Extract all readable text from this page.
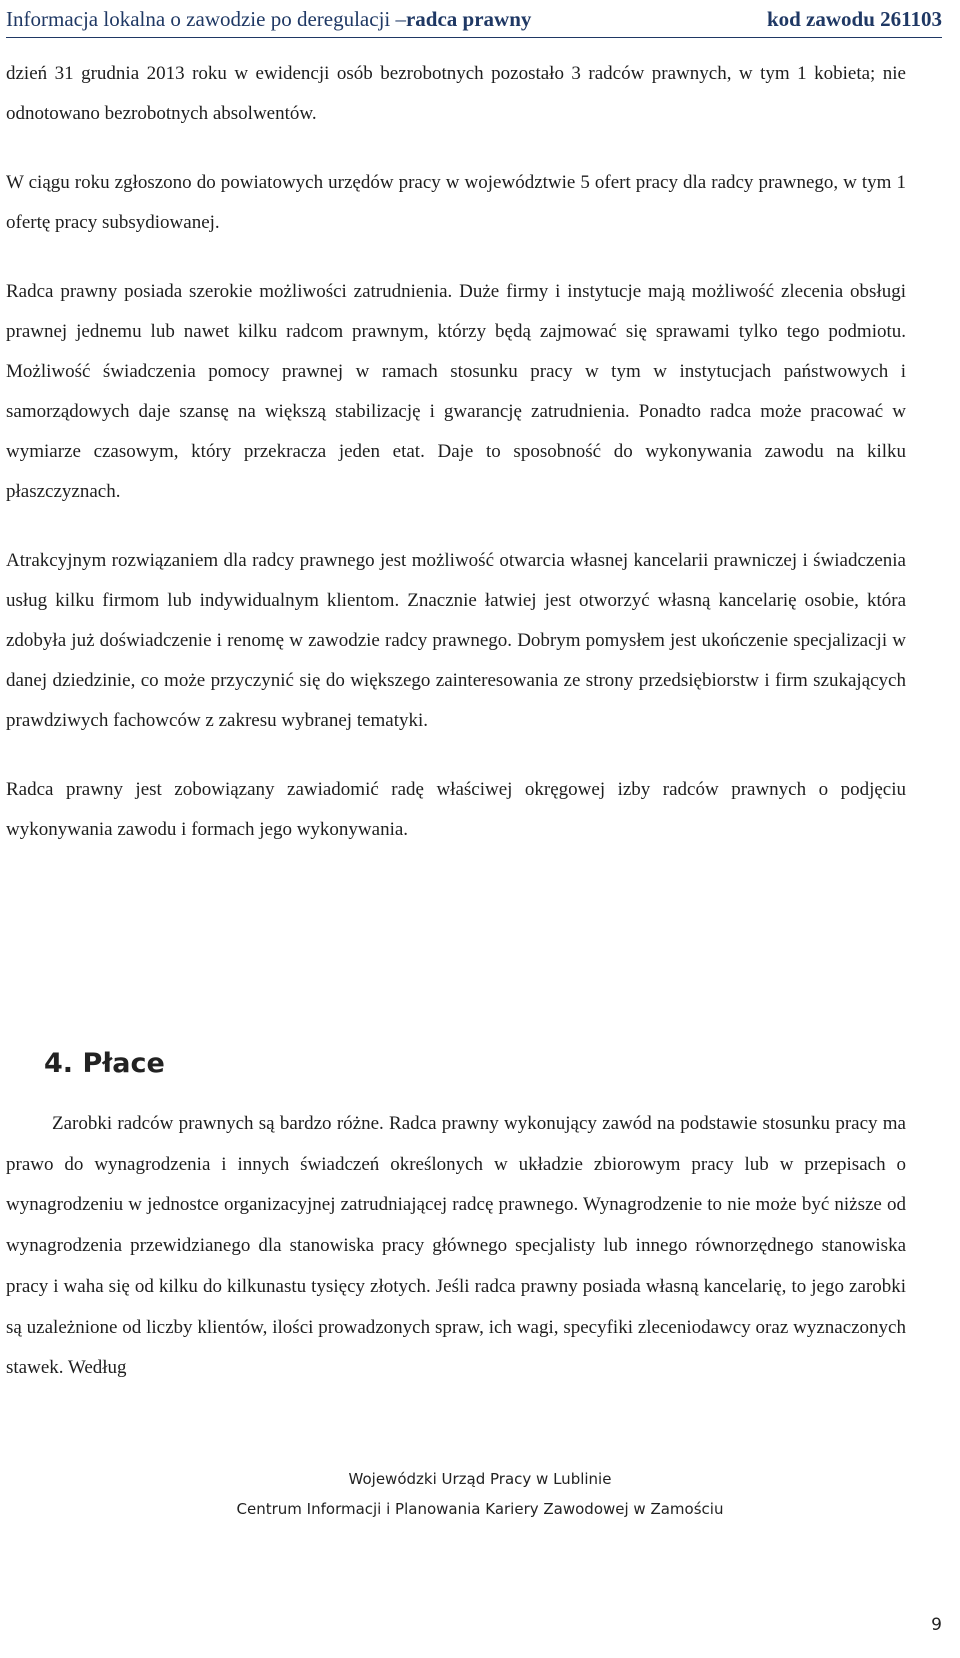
Informacja lokalna o zawodzie po deregulacji – radca prawny	kod zawodu 261103

dzień 31 grudnia 2013 roku w ewidencji osób bezrobotnych pozostało 3 radców prawnych, w tym 1 kobieta; nie odnotowano bezrobotnych absolwentów.

W ciągu roku zgłoszono do powiatowych urzędów pracy w województwie 5 ofert pracy dla radcy prawnego, w tym 1 ofertę pracy subsydiowanej.

Radca prawny posiada szerokie możliwości zatrudnienia. Duże firmy i instytucje mają możliwość zlecenia obsługi prawnej jednemu lub nawet kilku radcom prawnym, którzy będą zajmować się sprawami tylko tego podmiotu. Możliwość świadczenia pomocy prawnej w ramach stosunku pracy w tym w instytucjach państwowych i samorządowych daje szansę na większą stabilizację i gwarancję zatrudnienia. Ponadto radca może pracować w wymiarze czasowym, który przekracza jeden etat. Daje to sposobność do wykonywania zawodu na kilku płaszczyznach.

Atrakcyjnym rozwiązaniem dla radcy prawnego jest możliwość otwarcia własnej kancelarii prawniczej i świadczenia usług kilku firmom lub indywidualnym klientom. Znacznie łatwiej jest otworzyć własną kancelarię osobie, która zdobyła już doświadczenie i renomę w zawodzie radcy prawnego. Dobrym pomysłem jest ukończenie specjalizacji w danej dziedzinie, co może przyczynić się do większego zainteresowania ze strony przedsiębiorstw i firm szukających prawdziwych fachowców z zakresu wybranej tematyki.

Radca prawny jest zobowiązany zawiadomić radę właściwej okręgowej izby radców prawnych o podjęciu wykonywania zawodu i formach jego wykonywania.

4. Płace

Zarobki radców prawnych są bardzo różne. Radca prawny wykonujący zawód na podstawie stosunku pracy ma prawo do wynagrodzenia i innych świadczeń określonych w układzie zbiorowym pracy lub w przepisach o wynagrodzeniu w jednostce organizacyjnej zatrudniającej radcę prawnego. Wynagrodzenie to nie może być niższe od wynagrodzenia przewidzianego dla stanowiska pracy głównego specjalisty lub innego równorzędnego stanowiska pracy i waha się od kilku do kilkunastu tysięcy złotych. Jeśli radca prawny posiada własną kancelarię, to jego zarobki są uzależnione od liczby klientów, ilości prowadzonych spraw, ich wagi, specyfiki zleceniodawcy oraz wyznaczonych stawek. Według

Wojewódzki Urząd Pracy w Lublinie
Centrum Informacji i Planowania Kariery Zawodowej w Zamościu
9
